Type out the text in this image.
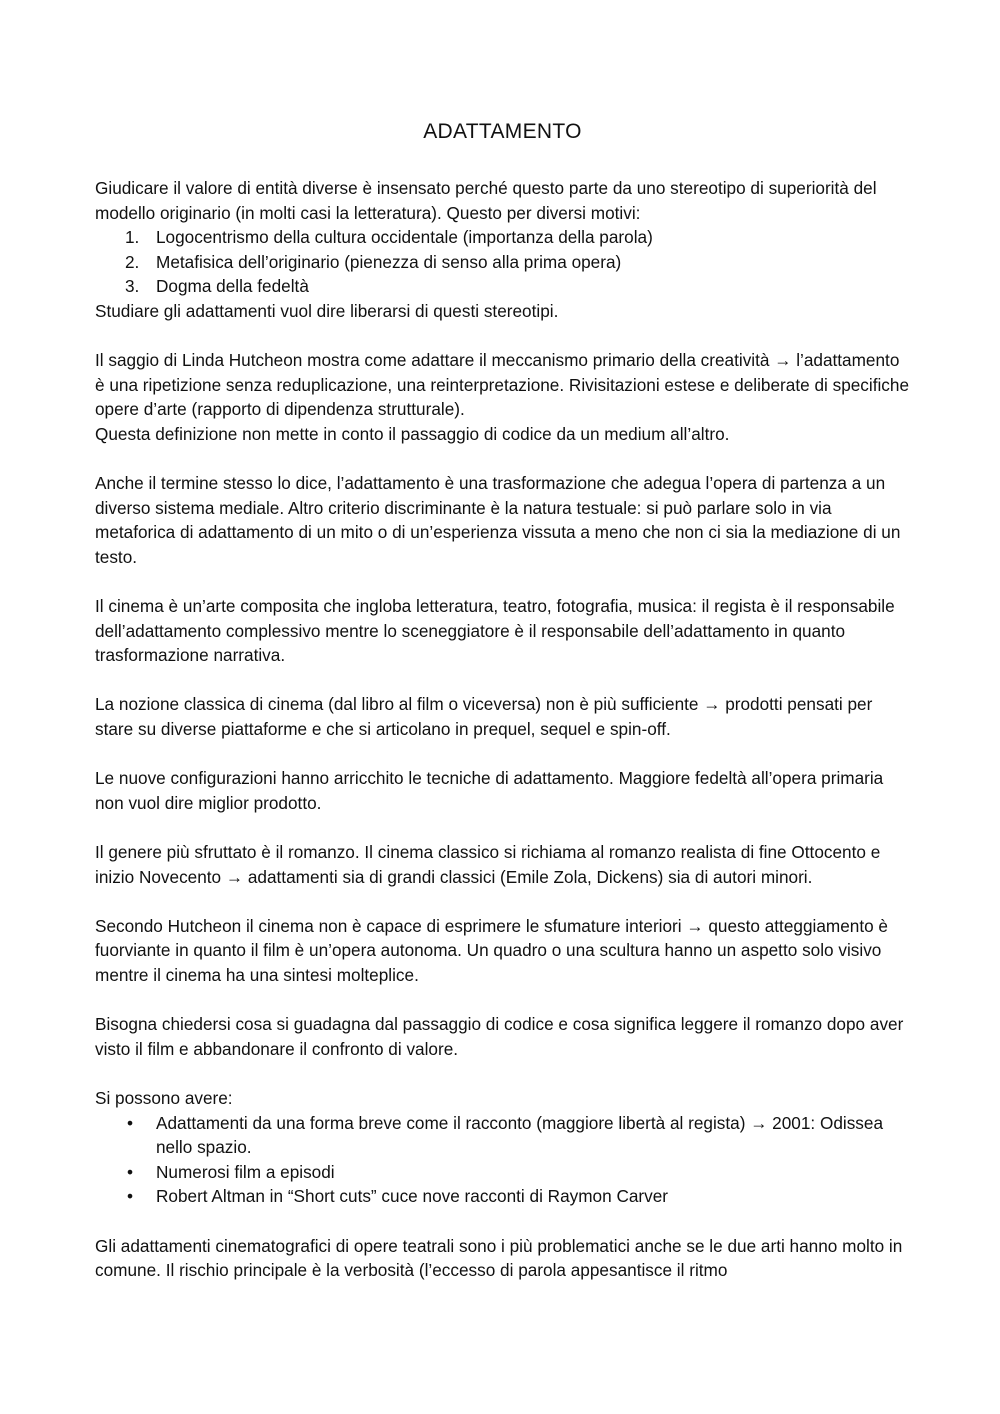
ADATTAMENTO

Giudicare il valore di entità diverse è insensato perché questo parte da uno stereotipo di superiorità del modello originario (in molti casi la letteratura). Questo per diversi motivi:

1. Logocentrismo della cultura occidentale (importanza della parola)
2. Metafisica dell’originario (pienezza di senso alla prima opera)
3. Dogma della fedeltà

Studiare gli adattamenti vuol dire liberarsi di questi stereotipi.

Il saggio di Linda Hutcheon mostra come adattare il meccanismo primario della creatività → l’adattamento è una ripetizione senza reduplicazione, una reinterpretazione. Rivisitazioni estese e deliberate di specifiche opere d’arte (rapporto di dipendenza strutturale).

Questa definizione non mette in conto il passaggio di codice da un medium all’altro.

Anche il termine stesso lo dice, l’adattamento è una trasformazione che adegua l’opera di partenza a un diverso sistema mediale. Altro criterio discriminante è la natura testuale: si può parlare solo in via metaforica di adattamento di un mito o di un’esperienza vissuta a meno che non ci sia la mediazione di un testo.

Il cinema è un’arte composita che ingloba letteratura, teatro, fotografia, musica: il regista è il responsabile dell’adattamento complessivo mentre lo sceneggiatore è il responsabile dell’adattamento in quanto trasformazione narrativa.

La nozione classica di cinema (dal libro al film o viceversa) non è più sufficiente → prodotti pensati per stare su diverse piattaforme e che si articolano in prequel, sequel e spin-off.

Le nuove configurazioni hanno arricchito le tecniche di adattamento. Maggiore fedeltà all’opera primaria non vuol dire miglior prodotto.

Il genere più sfruttato è il romanzo. Il cinema classico si richiama al romanzo realista di fine Ottocento e inizio Novecento → adattamenti sia di grandi classici (Emile Zola, Dickens) sia di autori minori.

Secondo Hutcheon il cinema non è capace di esprimere le sfumature interiori → questo atteggiamento è fuorviante in quanto il film è un’opera autonoma. Un quadro o una scultura hanno un aspetto solo visivo mentre il cinema ha una sintesi molteplice.

Bisogna chiedersi cosa si guadagna dal passaggio di codice e cosa significa leggere il romanzo dopo aver visto il film e abbandonare il confronto di valore.

Si possono avere:

• Adattamenti da una forma breve come il racconto (maggiore libertà al regista) → 2001: Odissea nello spazio.
• Numerosi film a episodi
• Robert Altman in “Short cuts” cuce nove racconti di Raymon Carver

Gli adattamenti cinematografici di opere teatrali sono i più problematici anche se le due arti hanno molto in comune. Il rischio principale è la verbosità (l’eccesso di parola appesantisce il ritmo
